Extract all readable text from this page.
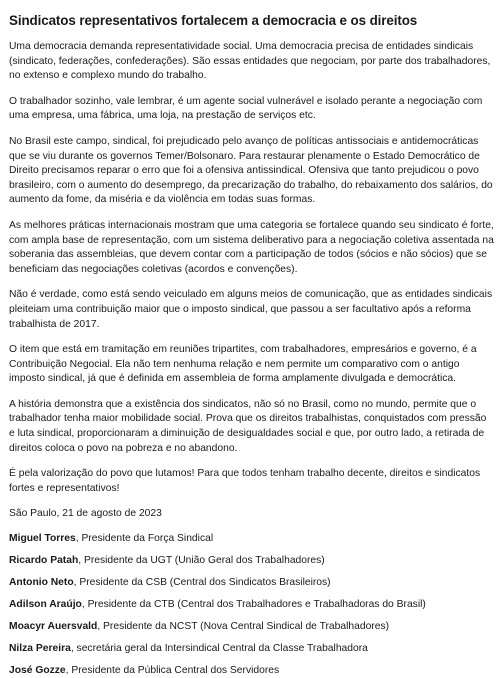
Sindicatos representativos fortalecem a democracia e os direitos

Uma democracia demanda representatividade social. Uma democracia precisa de entidades sindicais (sindicato, federações, confederações). São essas entidades que negociam, por parte dos trabalhadores, no extenso e complexo mundo do trabalho.

O trabalhador sozinho, vale lembrar, é um agente social vulnerável e isolado perante a negociação com uma empresa, uma fábrica, uma loja, na prestação de serviços etc.

No Brasil este campo, sindical, foi prejudicado pelo avanço de políticas antissociais e antidemocráticas que se viu durante os governos Temer/Bolsonaro. Para restaurar plenamente o Estado Democrático de Direito precisamos reparar o erro que foi a ofensiva antissindical. Ofensiva que tanto prejudicou o povo brasileiro, com o aumento do desemprego, da precarização do trabalho, do rebaixamento dos salários, do aumento da fome, da miséria e da violência em todas suas formas.

As melhores práticas internacionais mostram que uma categoria se fortalece quando seu sindicato é forte, com ampla base de representação, com um sistema deliberativo para a negociação coletiva assentada na soberania das assembleias, que devem contar com a participação de todos (sócios e não sócios) que se beneficiam das negociações coletivas (acordos e convenções).

Não é verdade, como está sendo veiculado em alguns meios de comunicação, que as entidades sindicais pleiteiam uma contribuição maior que o imposto sindical, que passou a ser facultativo após a reforma trabalhista de 2017.

O item que está em tramitação em reuniões tripartites, com trabalhadores, empresários e governo, é a Contribuição Negocial. Ela não tem nenhuma relação e nem permite um comparativo com o antigo imposto sindical, já que é definida em assembleia de forma amplamente divulgada e democrática.

A história demonstra que a existência dos sindicatos, não só no Brasil, como no mundo, permite que o trabalhador tenha maior mobilidade social. Prova que os direitos trabalhistas, conquistados com pressão e luta sindical, proporcionaram a diminuição de desigualdades social e que, por outro lado, a retirada de direitos coloca o povo na pobreza e no abandono.

É pela valorização do povo que lutamos! Para que todos tenham trabalho decente, direitos e sindicatos fortes e representativos!

São Paulo, 21 de agosto de 2023

Miguel Torres, Presidente da Força Sindical

Ricardo Patah, Presidente da UGT (União Geral dos Trabalhadores)

Antonio Neto, Presidente da CSB (Central dos Sindicatos Brasileiros)

Adilson Araújo, Presidente da CTB (Central dos Trabalhadores e Trabalhadoras do Brasil)

Moacyr Auersvald, Presidente da NCST (Nova Central Sindical de Trabalhadores)

Nilza Pereira, secretária geral da Intersindical Central da Classe Trabalhadora

José Gozze, Presidente da Pública Central dos Servidores
